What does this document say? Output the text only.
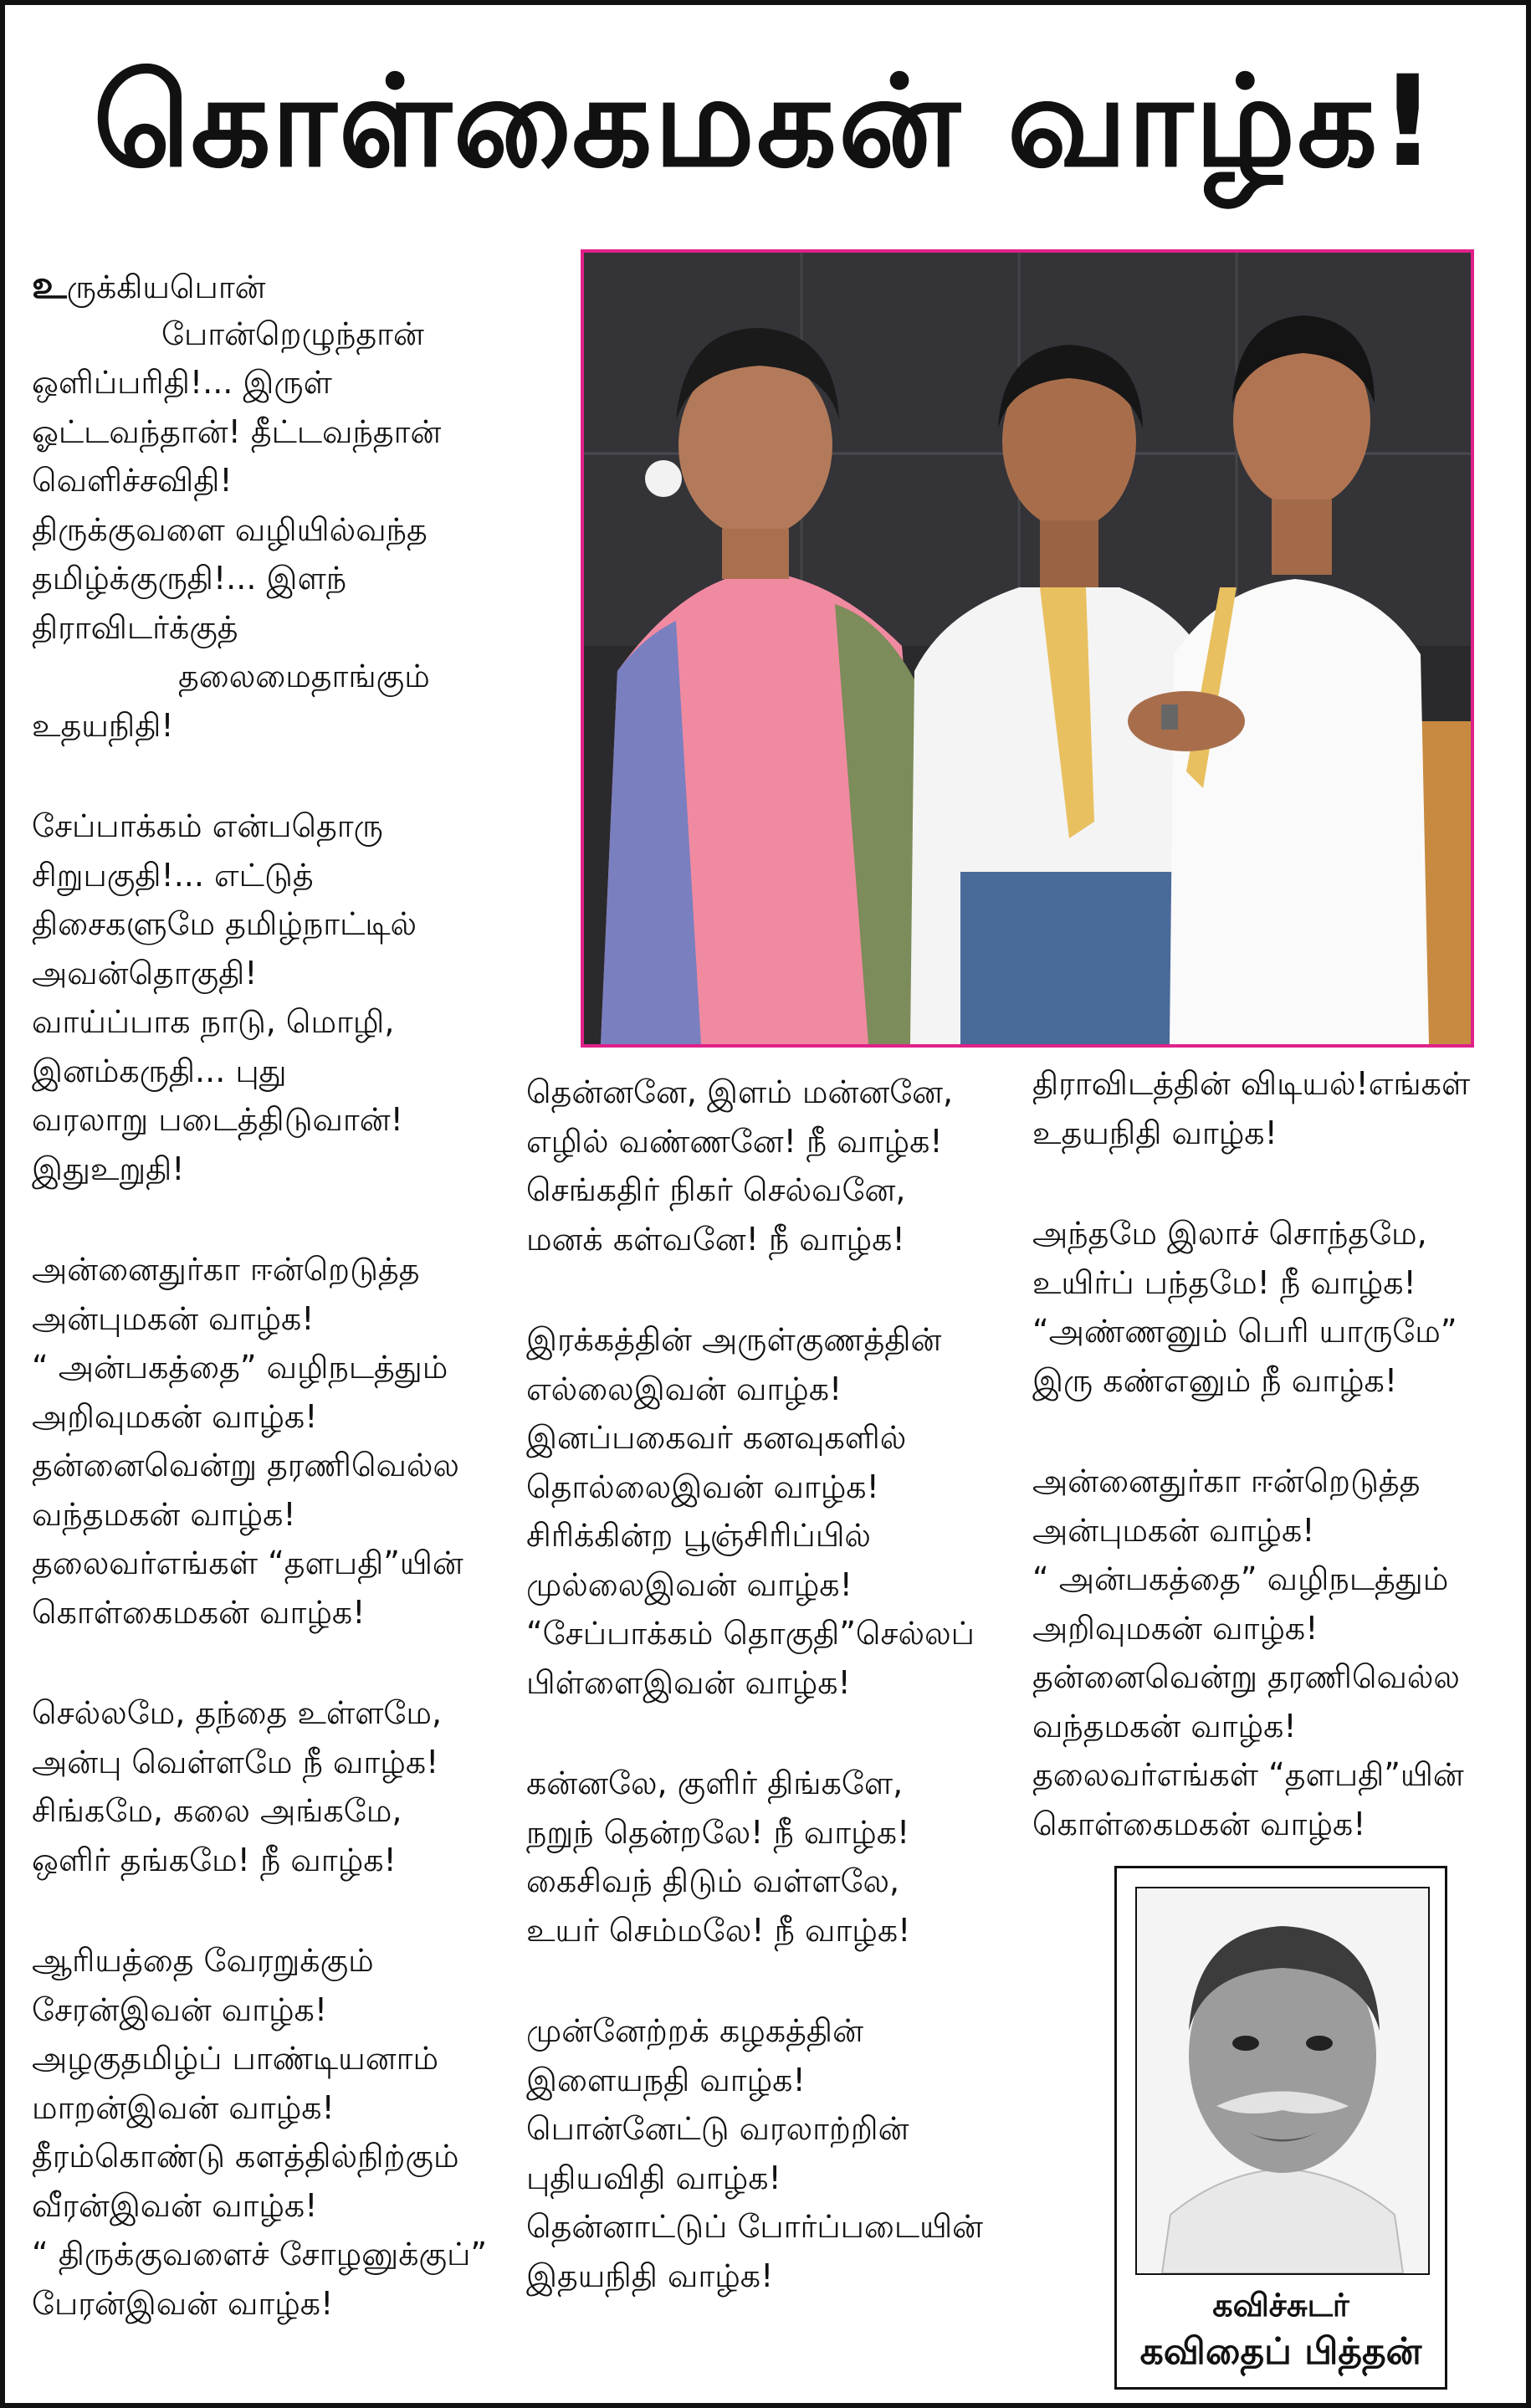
கொள்கைமகன் வாழ்க!
உருக்கியபொன்
போன்றெழுந்தான்
ஒளிப்பரிதி!... இருள்
ஓட்டவந்தான்! தீட்டவந்தான்
வெளிச்சவிதி!
திருக்குவளை வழியில்வந்த
தமிழ்க்குருதி!... இளந்
திராவிடர்க்குத்
தலைமைதாங்கும்
உதயநிதி!
சேப்பாக்கம் என்பதொரு
சிறுபகுதி!... எட்டுத்
திசைகளுமே தமிழ்நாட்டில்
அவன்தொகுதி!
வாய்ப்பாக நாடு, மொழி,
இனம்கருதி... புது
வரலாறு படைத்திடுவான்!
இதுஉறுதி!
அன்னைதுர்கா ஈன்றெடுத்த
அன்புமகன் வாழ்க!
“ அன்பகத்தை” வழிநடத்தும்
அறிவுமகன் வாழ்க!
தன்னைவென்று தரணிவெல்ல
வந்தமகன் வாழ்க!
தலைவர்எங்கள் “தளபதி”யின்
கொள்கைமகன் வாழ்க!
செல்லமே, தந்தை உள்ளமே,
அன்பு வெள்ளமே நீ வாழ்க!
சிங்கமே, கலை அங்கமே,
ஒளிர் தங்கமே! நீ வாழ்க!
ஆரியத்தை வேரறுக்கும்
சேரன்இவன் வாழ்க!
அழகுதமிழ்ப் பாண்டியனாம்
மாறன்இவன் வாழ்க!
தீரம்கொண்டு களத்தில்நிற்கும்
வீரன்இவன் வாழ்க!
“ திருக்குவளைச் சோழனுக்குப்”
பேரன்இவன் வாழ்க!
தென்னனே, இளம் மன்னனே,
எழில் வண்ணனே! நீ வாழ்க!
செங்கதிர் நிகர் செல்வனே,
மனக் கள்வனே! நீ வாழ்க!
இரக்கத்தின் அருள்குணத்தின்
எல்லைஇவன் வாழ்க!
இனப்பகைவர் கனவுகளில்
தொல்லைஇவன் வாழ்க!
சிரிக்கின்ற பூஞ்சிரிப்பில்
முல்லைஇவன் வாழ்க!
“சேப்பாக்கம் தொகுதி”செல்லப்
பிள்ளைஇவன் வாழ்க!
கன்னலே, குளிர் திங்களே,
நறுந் தென்றலே! நீ வாழ்க!
கைசிவந் திடும் வள்ளலே,
உயர் செம்மலே! நீ வாழ்க!
முன்னேற்றக் கழகத்தின்
இளையநதி வாழ்க!
பொன்னேட்டு வரலாற்றின்
புதியவிதி வாழ்க!
தென்னாட்டுப் போர்ப்படையின்
இதயநிதி வாழ்க!
திராவிடத்தின் விடியல்!எங்கள்
உதயநிதி வாழ்க!
அந்தமே இலாச் சொந்தமே,
உயிர்ப் பந்தமே! நீ வாழ்க!
“அண்ணனும் பெரி யாருமே”
இரு கண்எனும் நீ வாழ்க!
அன்னைதுர்கா ஈன்றெடுத்த
அன்புமகன் வாழ்க!
“ அன்பகத்தை” வழிநடத்தும்
அறிவுமகன் வாழ்க!
தன்னைவென்று தரணிவெல்ல
வந்தமகன் வாழ்க!
தலைவர்எங்கள் “தளபதி”யின்
கொள்கைமகன் வாழ்க!
கவிச்சுடர்
கவிதைப் பித்தன்
